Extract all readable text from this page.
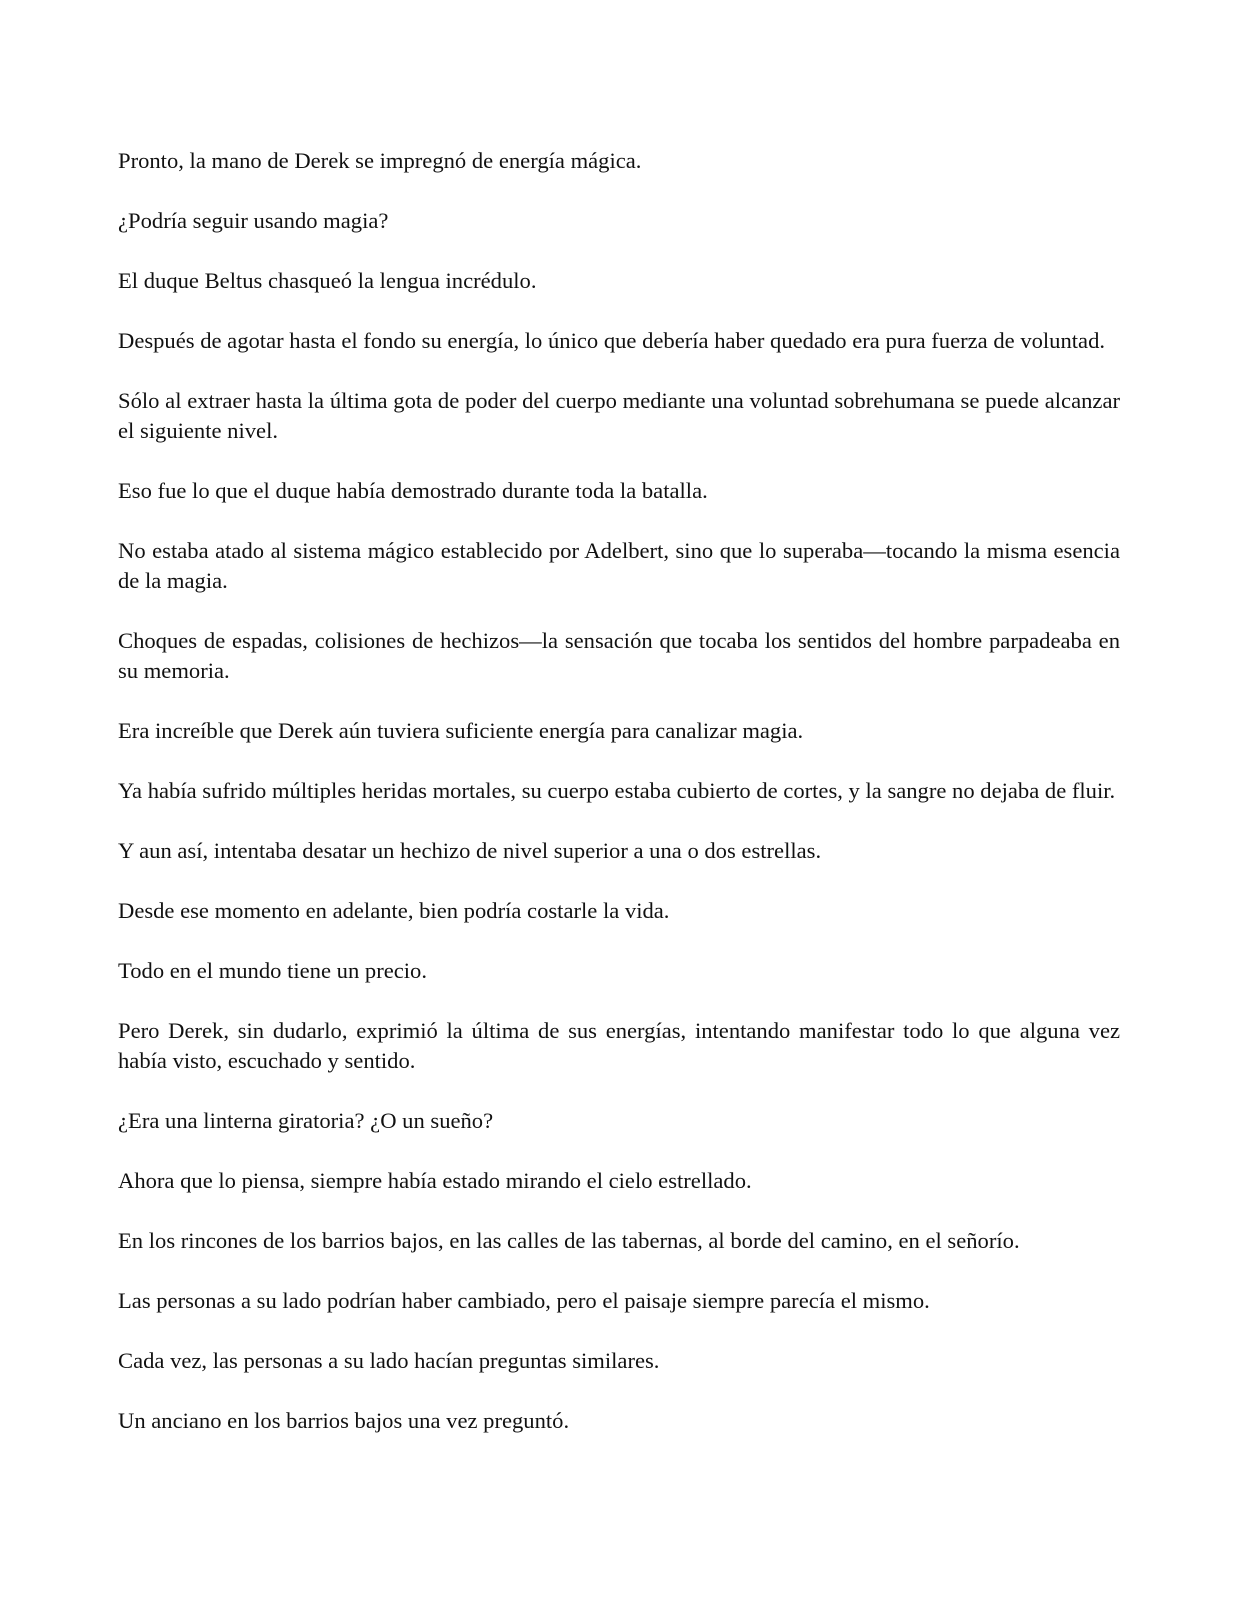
Pronto, la mano de Derek se impregnó de energía mágica.

¿Podría seguir usando magia?

El duque Beltus chasqueó la lengua incrédulo.

Después de agotar hasta el fondo su energía, lo único que debería haber quedado era pura fuerza de voluntad.

Sólo al extraer hasta la última gota de poder del cuerpo mediante una voluntad sobrehumana se puede alcanzar el siguiente nivel.

Eso fue lo que el duque había demostrado durante toda la batalla.

No estaba atado al sistema mágico establecido por Adelbert, sino que lo superaba—tocando la misma esencia de la magia.

Choques de espadas, colisiones de hechizos—la sensación que tocaba los sentidos del hombre parpadeaba en su memoria.

Era increíble que Derek aún tuviera suficiente energía para canalizar magia.

Ya había sufrido múltiples heridas mortales, su cuerpo estaba cubierto de cortes, y la sangre no dejaba de fluir.

Y aun así, intentaba desatar un hechizo de nivel superior a una o dos estrellas.

Desde ese momento en adelante, bien podría costarle la vida.

Todo en el mundo tiene un precio.

Pero Derek, sin dudarlo, exprimió la última de sus energías, intentando manifestar todo lo que alguna vez había visto, escuchado y sentido.

¿Era una linterna giratoria? ¿O un sueño?

Ahora que lo piensa, siempre había estado mirando el cielo estrellado.

En los rincones de los barrios bajos, en las calles de las tabernas, al borde del camino, en el señorío.

Las personas a su lado podrían haber cambiado, pero el paisaje siempre parecía el mismo.

Cada vez, las personas a su lado hacían preguntas similares.

Un anciano en los barrios bajos una vez preguntó.
